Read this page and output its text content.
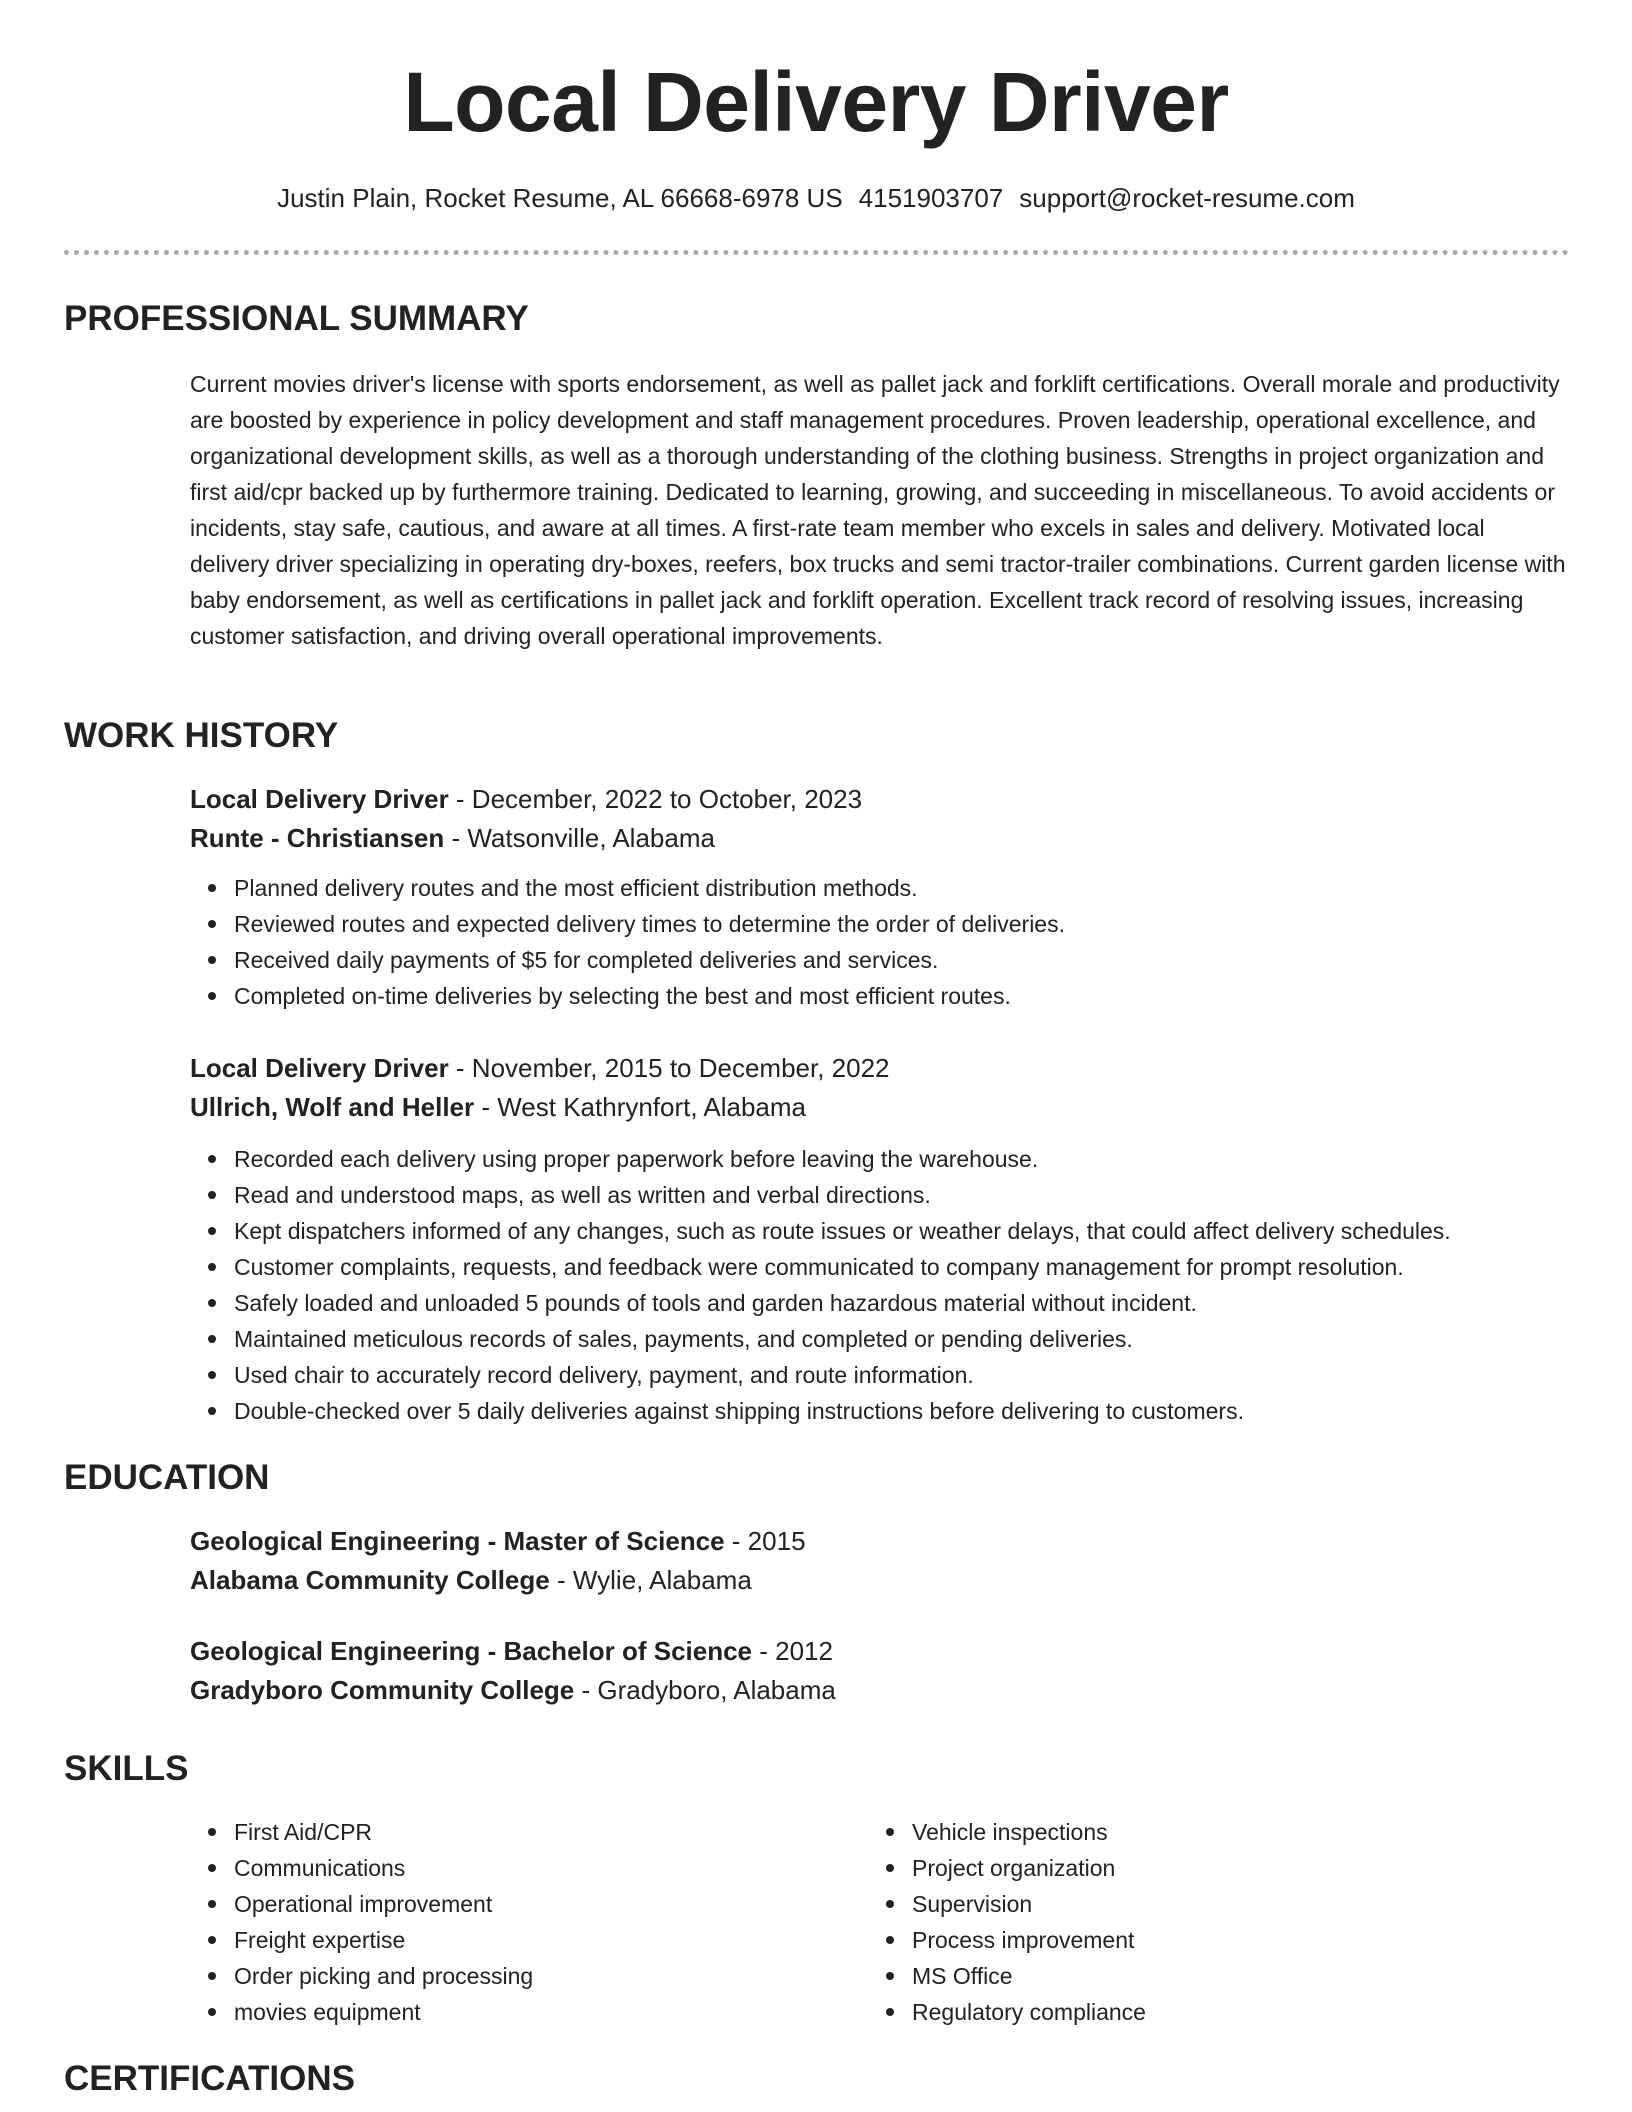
Local Delivery Driver
Justin Plain, Rocket Resume, AL 66668-6978 US 4151903707 support@rocket-resume.com
PROFESSIONAL SUMMARY

Current movies driver's license with sports endorsement, as well as pallet jack and forklift certifications. Overall morale and productivity are boosted by experience in policy development and staff management procedures. Proven leadership, operational excellence, and organizational development skills, as well as a thorough understanding of the clothing business. Strengths in project organization and first aid/cpr backed up by furthermore training. Dedicated to learning, growing, and succeeding in miscellaneous. To avoid accidents or incidents, stay safe, cautious, and aware at all times. A first-rate team member who excels in sales and delivery. Motivated local delivery driver specializing in operating dry-boxes, reefers, box trucks and semi tractor-trailer combinations. Current garden license with baby endorsement, as well as certifications in pallet jack and forklift operation. Excellent track record of resolving issues, increasing customer satisfaction, and driving overall operational improvements.

WORK HISTORY
Local Delivery Driver - December, 2022 to October, 2023
Runte - Christiansen - Watsonville, Alabama
Planned delivery routes and the most efficient distribution methods.
Reviewed routes and expected delivery times to determine the order of deliveries.
Received daily payments of $5 for completed deliveries and services.
Completed on-time deliveries by selecting the best and most efficient routes.
Local Delivery Driver - November, 2015 to December, 2022
Ullrich, Wolf and Heller - West Kathrynfort, Alabama
Recorded each delivery using proper paperwork before leaving the warehouse.
Read and understood maps, as well as written and verbal directions.
Kept dispatchers informed of any changes, such as route issues or weather delays, that could affect delivery schedules.
Customer complaints, requests, and feedback were communicated to company management for prompt resolution.
Safely loaded and unloaded 5 pounds of tools and garden hazardous material without incident.
Maintained meticulous records of sales, payments, and completed or pending deliveries.
Used chair to accurately record delivery, payment, and route information.
Double-checked over 5 daily deliveries against shipping instructions before delivering to customers.
EDUCATION
Geological Engineering - Master of Science - 2015
Alabama Community College - Wylie, Alabama
Geological Engineering - Bachelor of Science - 2012
Gradyboro Community College - Gradyboro, Alabama
SKILLS
First Aid/CPR
Communications
Operational improvement
Freight expertise
Order picking and processing
movies equipment
Vehicle inspections
Project organization
Supervision
Process improvement
MS Office
Regulatory compliance
CERTIFICATIONS
